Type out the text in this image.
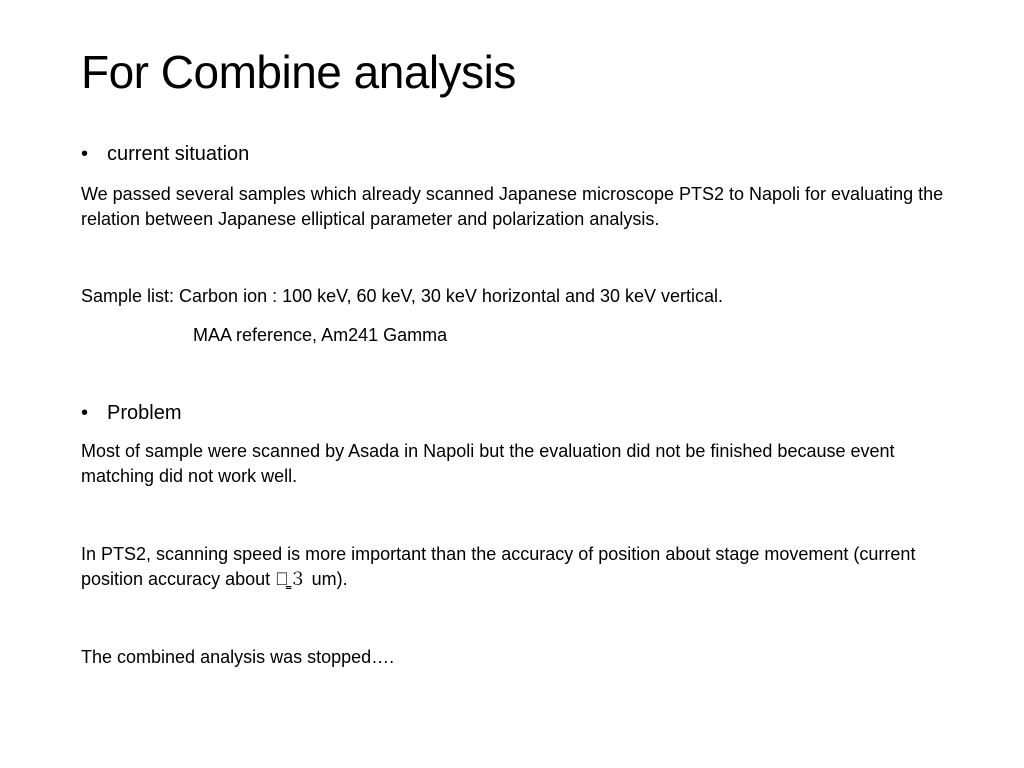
For Combine analysis
• current situation
We passed several samples which already scanned Japanese microscope PTS2 to Napoli for evaluating the relation between Japanese elliptical parameter and polarization analysis.
Sample list: Carbon ion : 100 keV, 60 keV, 30 keV horizontal and 30 keV vertical.
MAA reference, Am241 Gamma
• Problem
Most of sample were scanned by Asada in Napoli but the evaluation did not be finished because event matching did not work well.
In PTS2, scanning speed is more important than the accuracy of position about stage movement (current position accuracy about ＋̳３ um).
The combined analysis was stopped….
